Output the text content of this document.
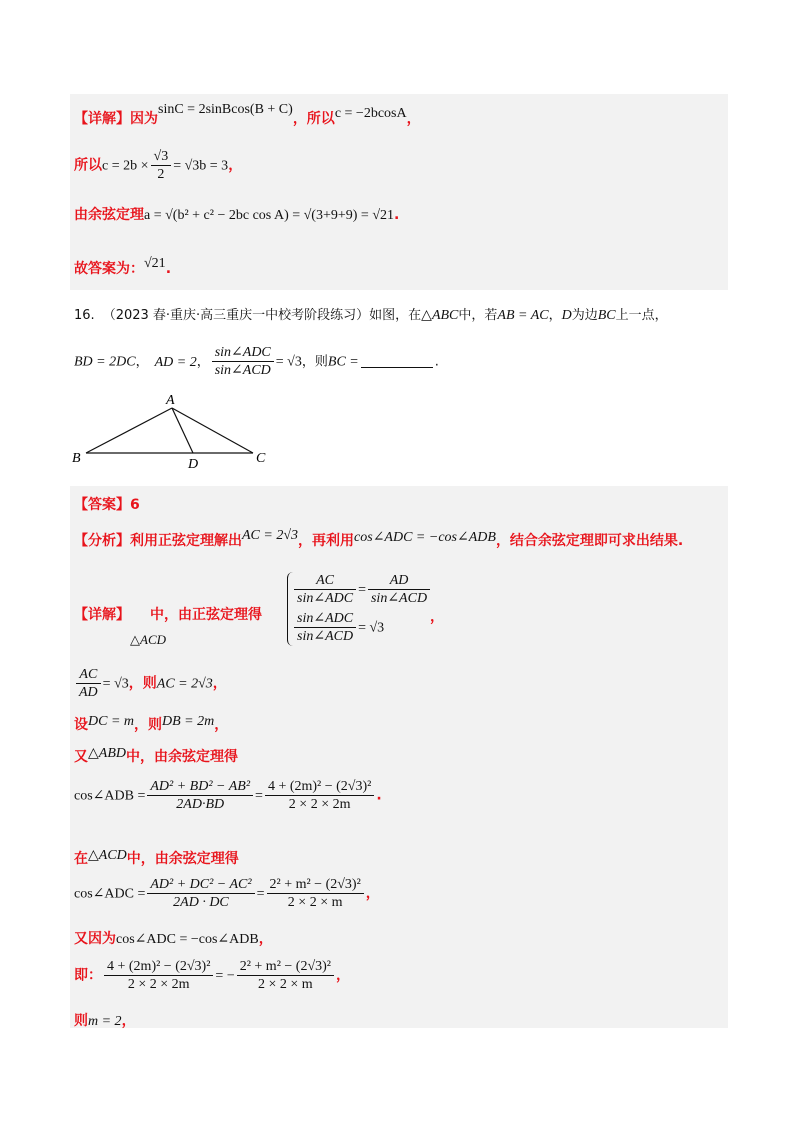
【详解】因为sinC = 2sinBcos(B + C)，所以c = −2bcosA，
所以$c = 2b \times \frac{√3}{2} = √3b = 3$，
由余弦定理a = √(b² + c² − 2bc cos A) = √(3+9+9) = √21.
故答案为：√21.
16. （2023 春·重庆·高三重庆一中校考阶段练习）如图，在△ABC中，若AB = AC，D为边BC上一点，
BD = 2DC， AD = 2， $\frac{\text{sin∠ADC}}{\text{sin∠ACD}} = √3$，则BC =	.
A
B	C
D
【答案】6
【分析】利用正弦定理解出AC = 2√3，再利用cos∠ADC = −cos∠ADB，结合余弦定理即可求出结果.
【详解】 中，由正弦定理得
△ACD
$\frac{AC}{\text{sin∠ADC}} = \frac{AD}{\text{sin∠ACD}}$
$\frac{\text{sin∠ADC}}{\text{sin∠ACD}} = √3$
，
$\frac{AC}{AD} = √3$，则AC = 2√3，
设DC = m，则DB = 2m，
又△ABD中，由余弦定理得
cos∠ADB = $\frac{\text{AD² + BD² − AB²}}{2AD\cdot BD} = \frac{\text{4 + (2m)² − (2√3)²}}{2 \times 2 \times 2m}$ .
在△ACD中，由余弦定理得
cos∠ADC = $\frac{\text{AD² + DC² − AC²}}{2AD \cdot DC} = \frac{\text{2² + m² − (2√3)²}}{2 \times 2 \times m}$ ，
又因为cos∠ADC = −cos∠ADB，
即： $\frac{\text{4 + (2m)² − (2√3)²}}{2 \times 2 \times 2m}$ = − $\frac{\text{2² + m² − (2√3)²}}{2 \times 2 \times m}$ ，
则m = 2，
